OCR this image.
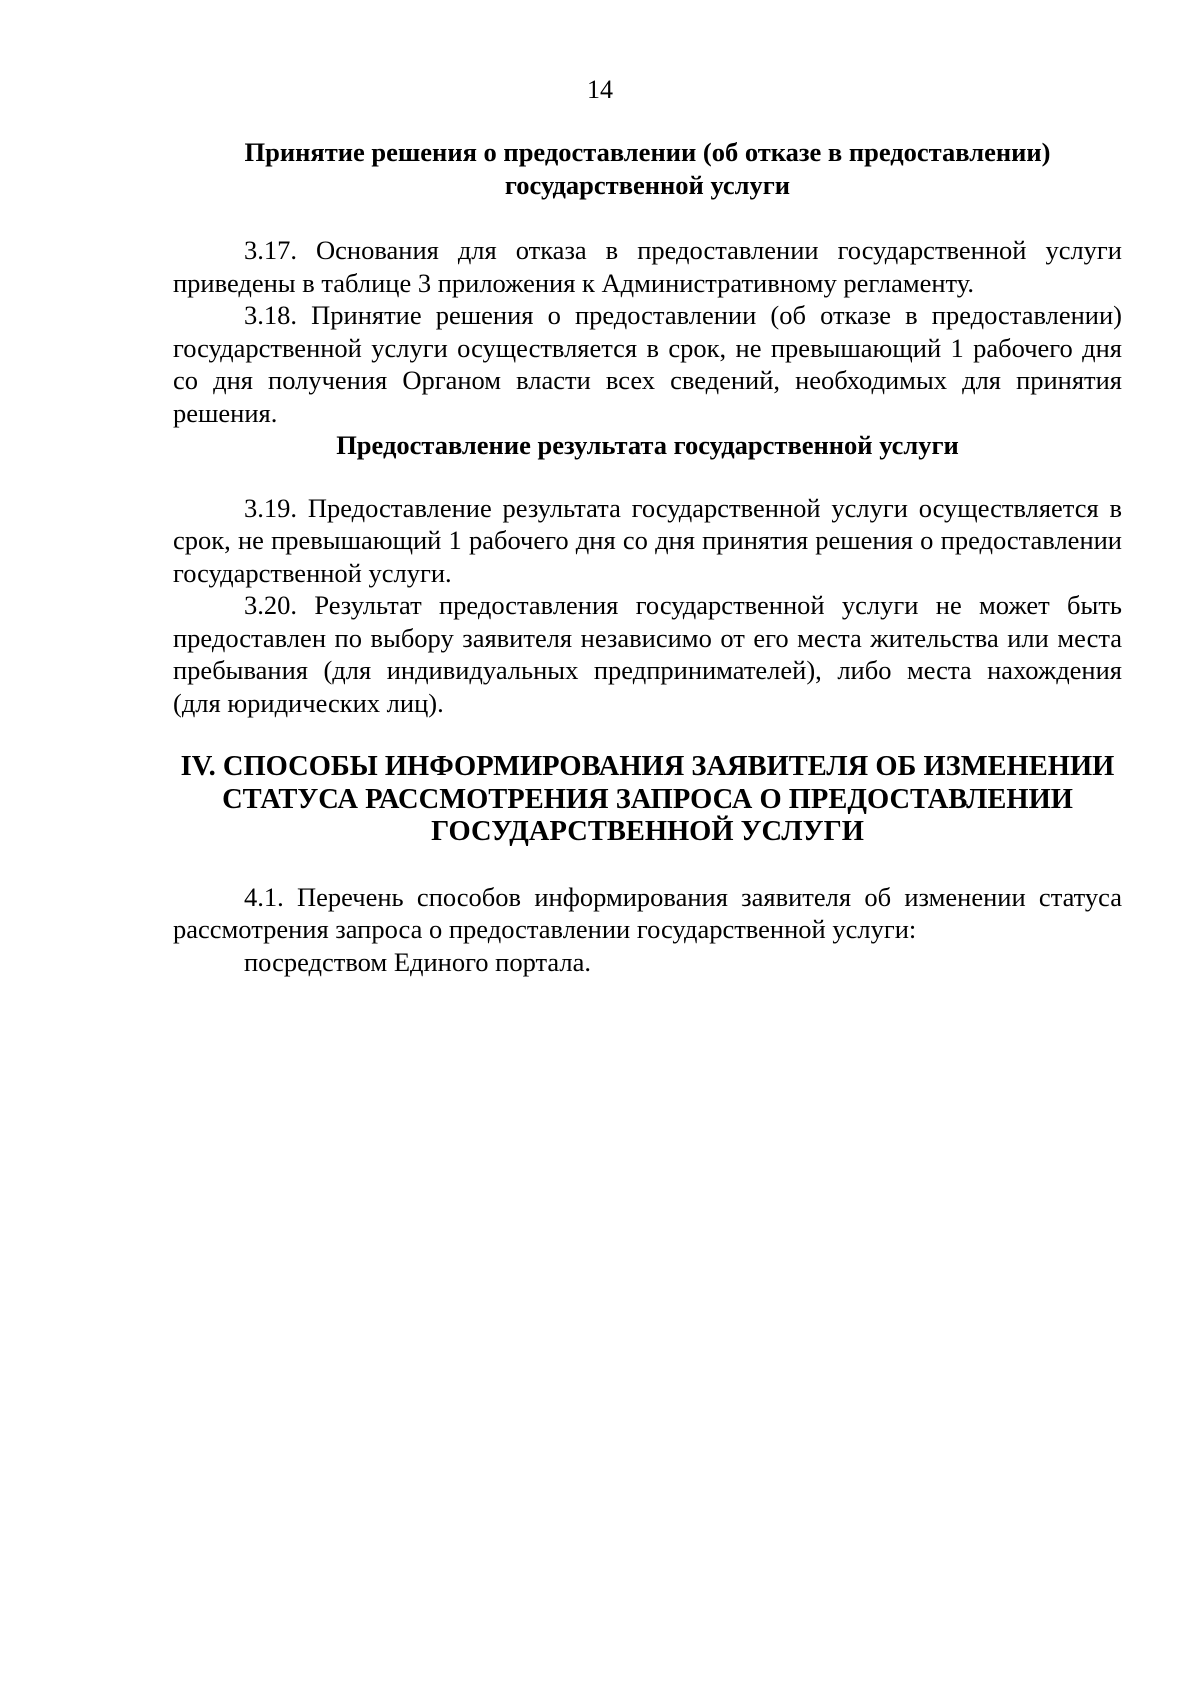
14

Принятие решения о предоставлении (об отказе в предоставлении)
государственной услуги

3.17. Основания для отказа в предоставлении государственной услуги приведены в таблице 3 приложения к Административному регламенту.

3.18. Принятие решения о предоставлении (об отказе в предоставлении) государственной услуги осуществляется в срок, не превышающий 1 рабочего дня со дня получения Органом власти всех сведений, необходимых для принятия решения.

Предоставление результата государственной услуги

3.19. Предоставление результата государственной услуги осуществляется в срок, не превышающий 1 рабочего дня со дня принятия решения о предоставлении государственной услуги.

3.20. Результат предоставления государственной услуги не может быть предоставлен по выбору заявителя независимо от его места жительства или места пребывания (для индивидуальных предпринимателей), либо места нахождения (для юридических лиц).

IV. СПОСОБЫ ИНФОРМИРОВАНИЯ ЗАЯВИТЕЛЯ ОБ ИЗМЕНЕНИИ
СТАТУСА РАССМОТРЕНИЯ ЗАПРОСА О ПРЕДОСТАВЛЕНИИ
ГОСУДАРСТВЕННОЙ УСЛУГИ

4.1. Перечень способов информирования заявителя об изменении статуса рассмотрения запроса о предоставлении государственной услуги:

посредством Единого портала.
